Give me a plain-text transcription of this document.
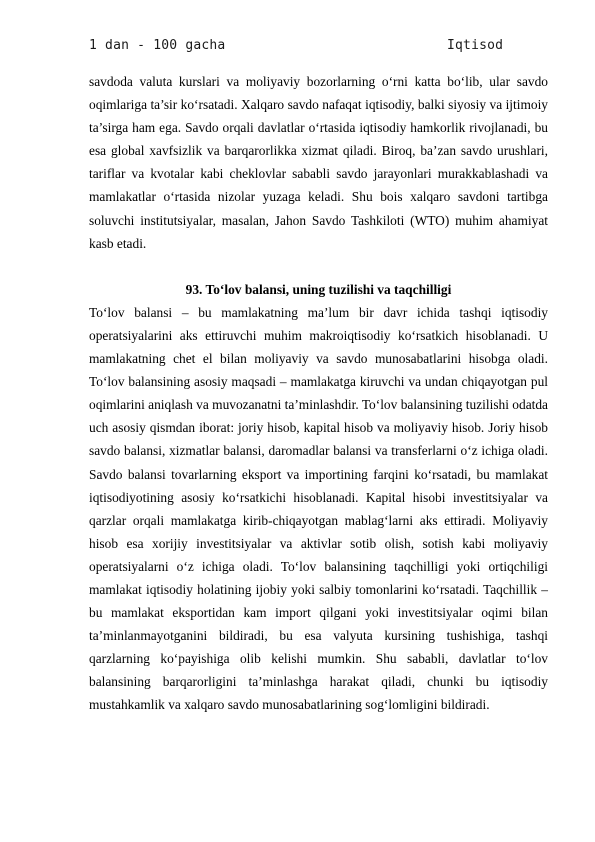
1 dan - 100 gacha	Iqtisod

savdoda valuta kurslari va moliyaviy bozorlarning o‘rni katta bo‘lib, ular savdo oqimlariga ta’sir ko‘rsatadi. Xalqaro savdo nafaqat iqtisodiy, balki siyosiy va ijtimoiy ta’sirga ham ega. Savdo orqali davlatlar o‘rtasida iqtisodiy hamkorlik rivojlanadi, bu esa global xavfsizlik va barqarorlikka xizmat qiladi. Biroq, ba’zan savdo urushlari, tariflar va kvotalar kabi cheklovlar sababli savdo jarayonlari murakkablashadi va mamlakatlar o‘rtasida nizolar yuzaga keladi. Shu bois xalqaro savdoni tartibga soluvchi institutsiyalar, masalan, Jahon Savdo Tashkiloti (WTO) muhim ahamiyat kasb etadi.

93. To‘lov balansi, uning tuzilishi va taqchilligi

To‘lov balansi – bu mamlakatning ma’lum bir davr ichida tashqi iqtisodiy operatsiyalarini aks ettiruvchi muhim makroiqtisodiy ko‘rsatkich hisoblanadi. U mamlakatning chet el bilan moliyaviy va savdo munosabatlarini hisobga oladi. To‘lov balansining asosiy maqsadi – mamlakatga kiruvchi va undan chiqayotgan pul oqimlarini aniqlash va muvozanatni ta’minlashdir. To‘lov balansining tuzilishi odatda uch asosiy qismdan iborat: joriy hisob, kapital hisob va moliyaviy hisob. Joriy hisob savdo balansi, xizmatlar balansi, daromadlar balansi va transferlarni o‘z ichiga oladi. Savdo balansi tovarlarning eksport va importining farqini ko‘rsatadi, bu mamlakat iqtisodiyotining asosiy ko‘rsatkichi hisoblanadi. Kapital hisobi investitsiyalar va qarzlar orqali mamlakatga kirib-chiqayotgan mablag‘larni aks ettiradi. Moliyaviy hisob esa xorijiy investitsiyalar va aktivlar sotib olish, sotish kabi moliyaviy operatsiyalarni o‘z ichiga oladi. To‘lov balansining taqchilligi yoki ortiqchiligi mamlakat iqtisodiy holatining ijobiy yoki salbiy tomonlarini ko‘rsatadi. Taqchillik – bu mamlakat eksportidan kam import qilgani yoki investitsiyalar oqimi bilan ta’minlanmayotganini bildiradi, bu esa valyuta kursining tushishiga, tashqi qarzlarning ko‘payishiga olib kelishi mumkin. Shu sababli, davlatlar to‘lov balansining barqarorligini ta’minlashga harakat qiladi, chunki bu iqtisodiy mustahkamlik va xalqaro savdo munosabatlarining sog‘lomligini bildiradi.
